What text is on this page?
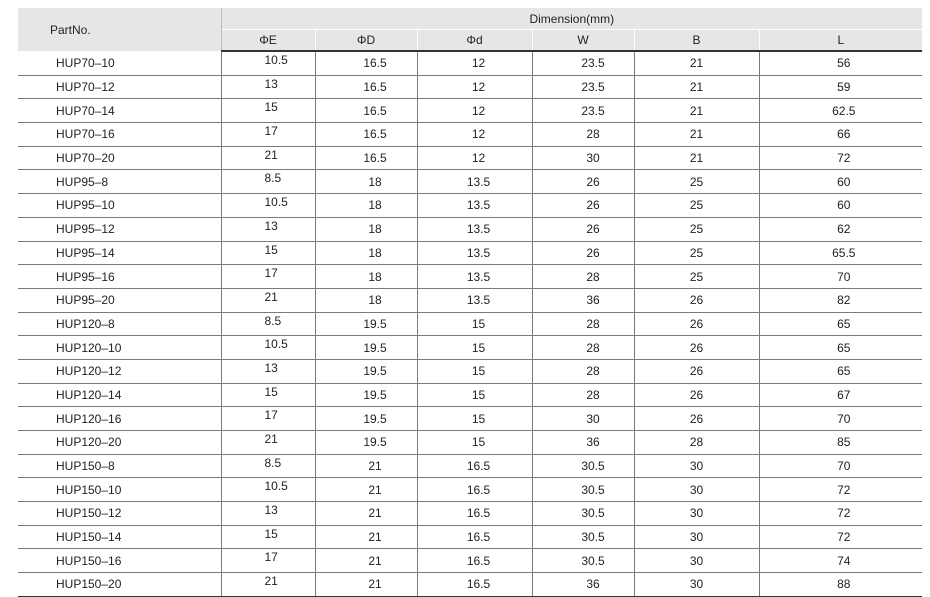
PartNo.	Dimension(mm)					
	ΦE	ΦD	Φd	W	B	L
HUP70–10	10.5	16.5	12	23.5	21	56
HUP70–12	13	16.5	12	23.5	21	59
HUP70–14	15	16.5	12	23.5	21	62.5
HUP70–16	17	16.5	12	28	21	66
HUP70–20	21	16.5	12	30	21	72
HUP95–8	8.5	18	13.5	26	25	60
HUP95–10	10.5	18	13.5	26	25	60
HUP95–12	13	18	13.5	26	25	62
HUP95–14	15	18	13.5	26	25	65.5
HUP95–16	17	18	13.5	28	25	70
HUP95–20	21	18	13.5	36	26	82
HUP120–8	8.5	19.5	15	28	26	65
HUP120–10	10.5	19.5	15	28	26	65
HUP120–12	13	19.5	15	28	26	65
HUP120–14	15	19.5	15	28	26	67
HUP120–16	17	19.5	15	30	26	70
HUP120–20	21	19.5	15	36	28	85
HUP150–8	8.5	21	16.5	30.5	30	70
HUP150–10	10.5	21	16.5	30.5	30	72
HUP150–12	13	21	16.5	30.5	30	72
HUP150–14	15	21	16.5	30.5	30	72
HUP150–16	17	21	16.5	30.5	30	74
HUP150–20	21	21	16.5	36	30	88
